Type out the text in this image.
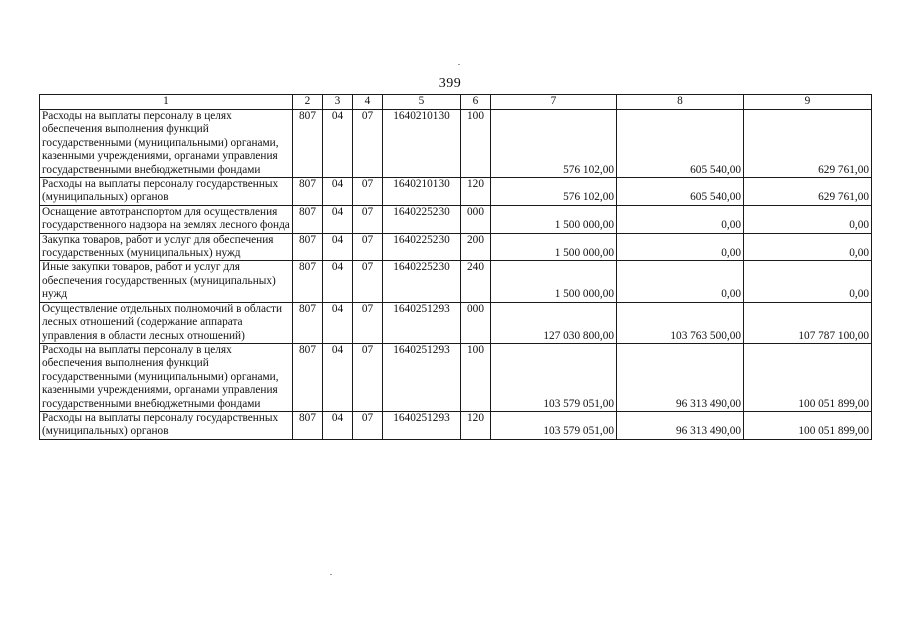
399
1	2	3	4	5	6	7	8	9
Расходы на выплаты персоналу в целях обеспечения выполнения функций государственными (муниципальными) органами, казенными учреждениями, органами управления государственными внебюджетными фондами	807	04	07	1640210130	100	576 102,00	605 540,00	629 761,00
Расходы на выплаты персоналу государственных (муниципальных) органов	807	04	07	1640210130	120	576 102,00	605 540,00	629 761,00
Оснащение автотранспортом для осуществления государственного надзора на землях лесного фонда	807	04	07	1640225230	000	1 500 000,00	0,00	0,00
Закупка товаров, работ и услуг для обеспечения государственных (муниципальных) нужд	807	04	07	1640225230	200	1 500 000,00	0,00	0,00
Иные закупки товаров, работ и услуг для обеспечения государственных (муниципальных) нужд	807	04	07	1640225230	240	1 500 000,00	0,00	0,00
Осуществление отдельных полномочий в области лесных отношений (содержание аппарата управления в области лесных отношений)	807	04	07	1640251293	000	127 030 800,00	103 763 500,00	107 787 100,00
Расходы на выплаты персоналу в целях обеспечения выполнения функций государственными (муниципальными) органами, казенными учреждениями, органами управления государственными внебюджетными фондами	807	04	07	1640251293	100	103 579 051,00	96 313 490,00	100 051 899,00
Расходы на выплаты персоналу государственных (муниципальных) органов	807	04	07	1640251293	120	103 579 051,00	96 313 490,00	100 051 899,00
